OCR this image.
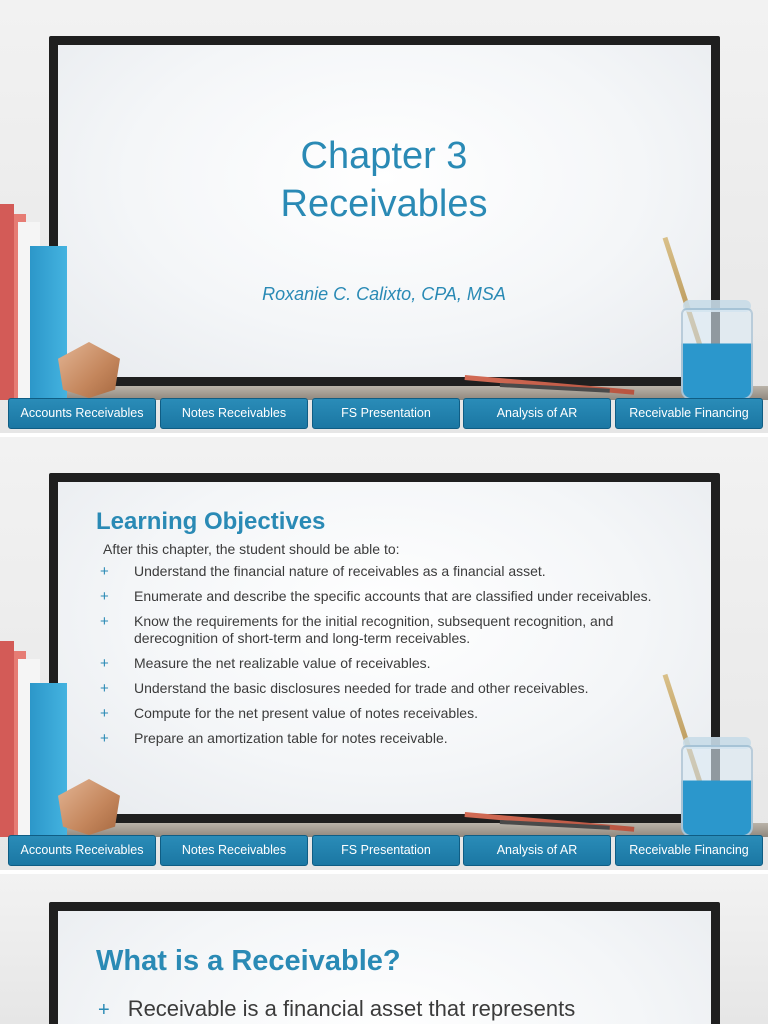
Chapter 3
Receivables
Roxanie C. Calixto, CPA, MSA
Accounts Receivables	Notes Receivables	FS Presentation	Analysis of AR	Receivable Financing
Accounts Receivables	Notes Receivables	FS Presentation	Analysis of AR	Receivable Financing
Learning Objectives
After this chapter, the student should be able to:
+ Understand the financial nature of receivables as a financial asset.
+ Enumerate and describe the specific accounts that are classified under receivables.
+ Know the requirements for the initial recognition, subsequent recognition, and derecognition of short-term and long-term receivables.
+ Measure the net realizable value of receivables.
+ Understand the basic disclosures needed for trade and other receivables.
+ Compute for the net present value of notes receivables.
+ Prepare an amortization table for notes receivable.
What is a Receivable?
+ Receivable is a financial asset that represents
